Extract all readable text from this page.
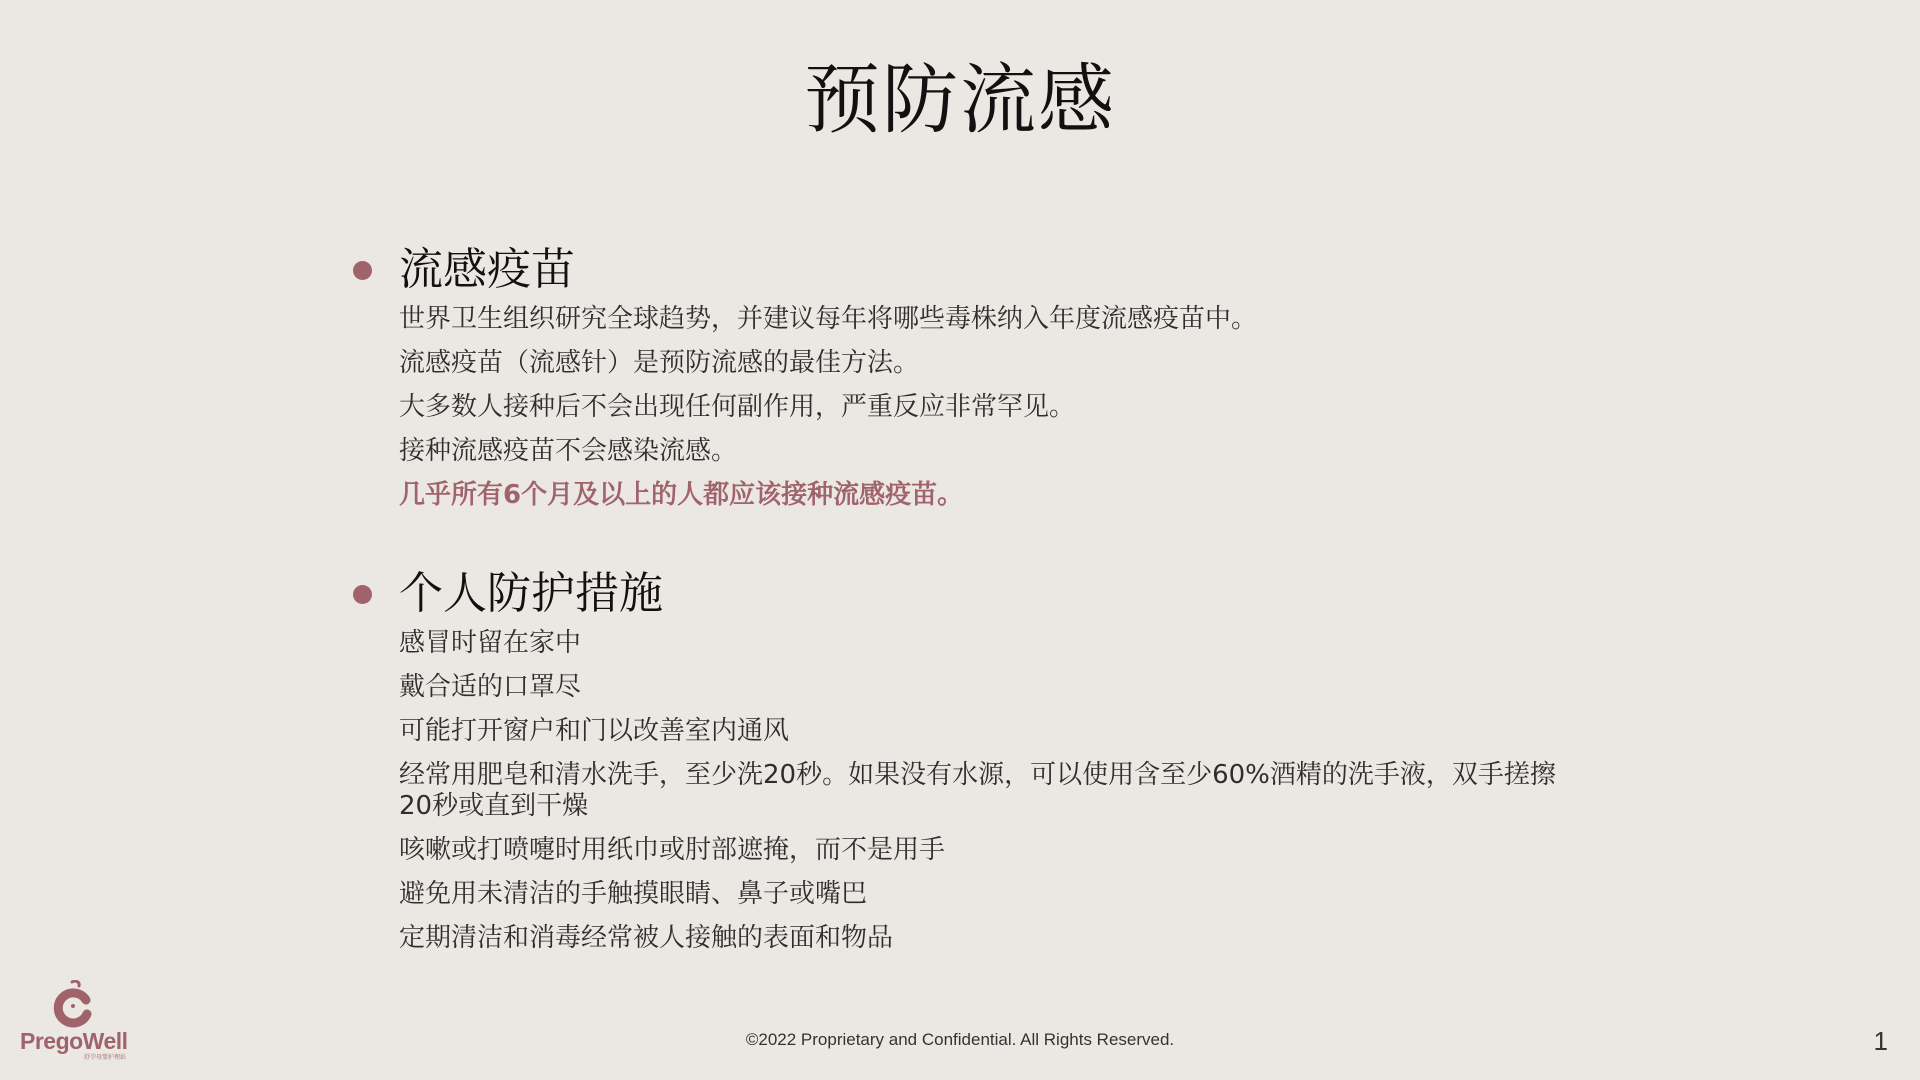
预防流感
流感疫苗
世界卫生组织研究全球趋势，并建议每年将哪些毒株纳入年度流感疫苗中。
流感疫苗（流感针）是预防流感的最佳方法。
大多数人接种后不会出现任何副作用，严重反应非常罕见。
接种流感疫苗不会感染流感。
几乎所有6个月及以上的人都应该接种流感疫苗。
个人防护措施
感冒时留在家中
戴合适的口罩尽
可能打开窗户和门以改善室内通风
经常用肥皂和清水洗手，至少洗20秒。如果没有水源，可以使用含至少60%酒精的洗手液，双手搓擦20秒或直到干燥
咳嗽或打喷嚏时用纸巾或肘部遮掩，而不是用手
避免用未清洁的手触摸眼睛、鼻子或嘴巴
定期清洁和消毒经常被人接触的表面和物品
PregoWell
舒孕母婴护理站
©2022 Proprietary and Confidential. All Rights Reserved.	1
